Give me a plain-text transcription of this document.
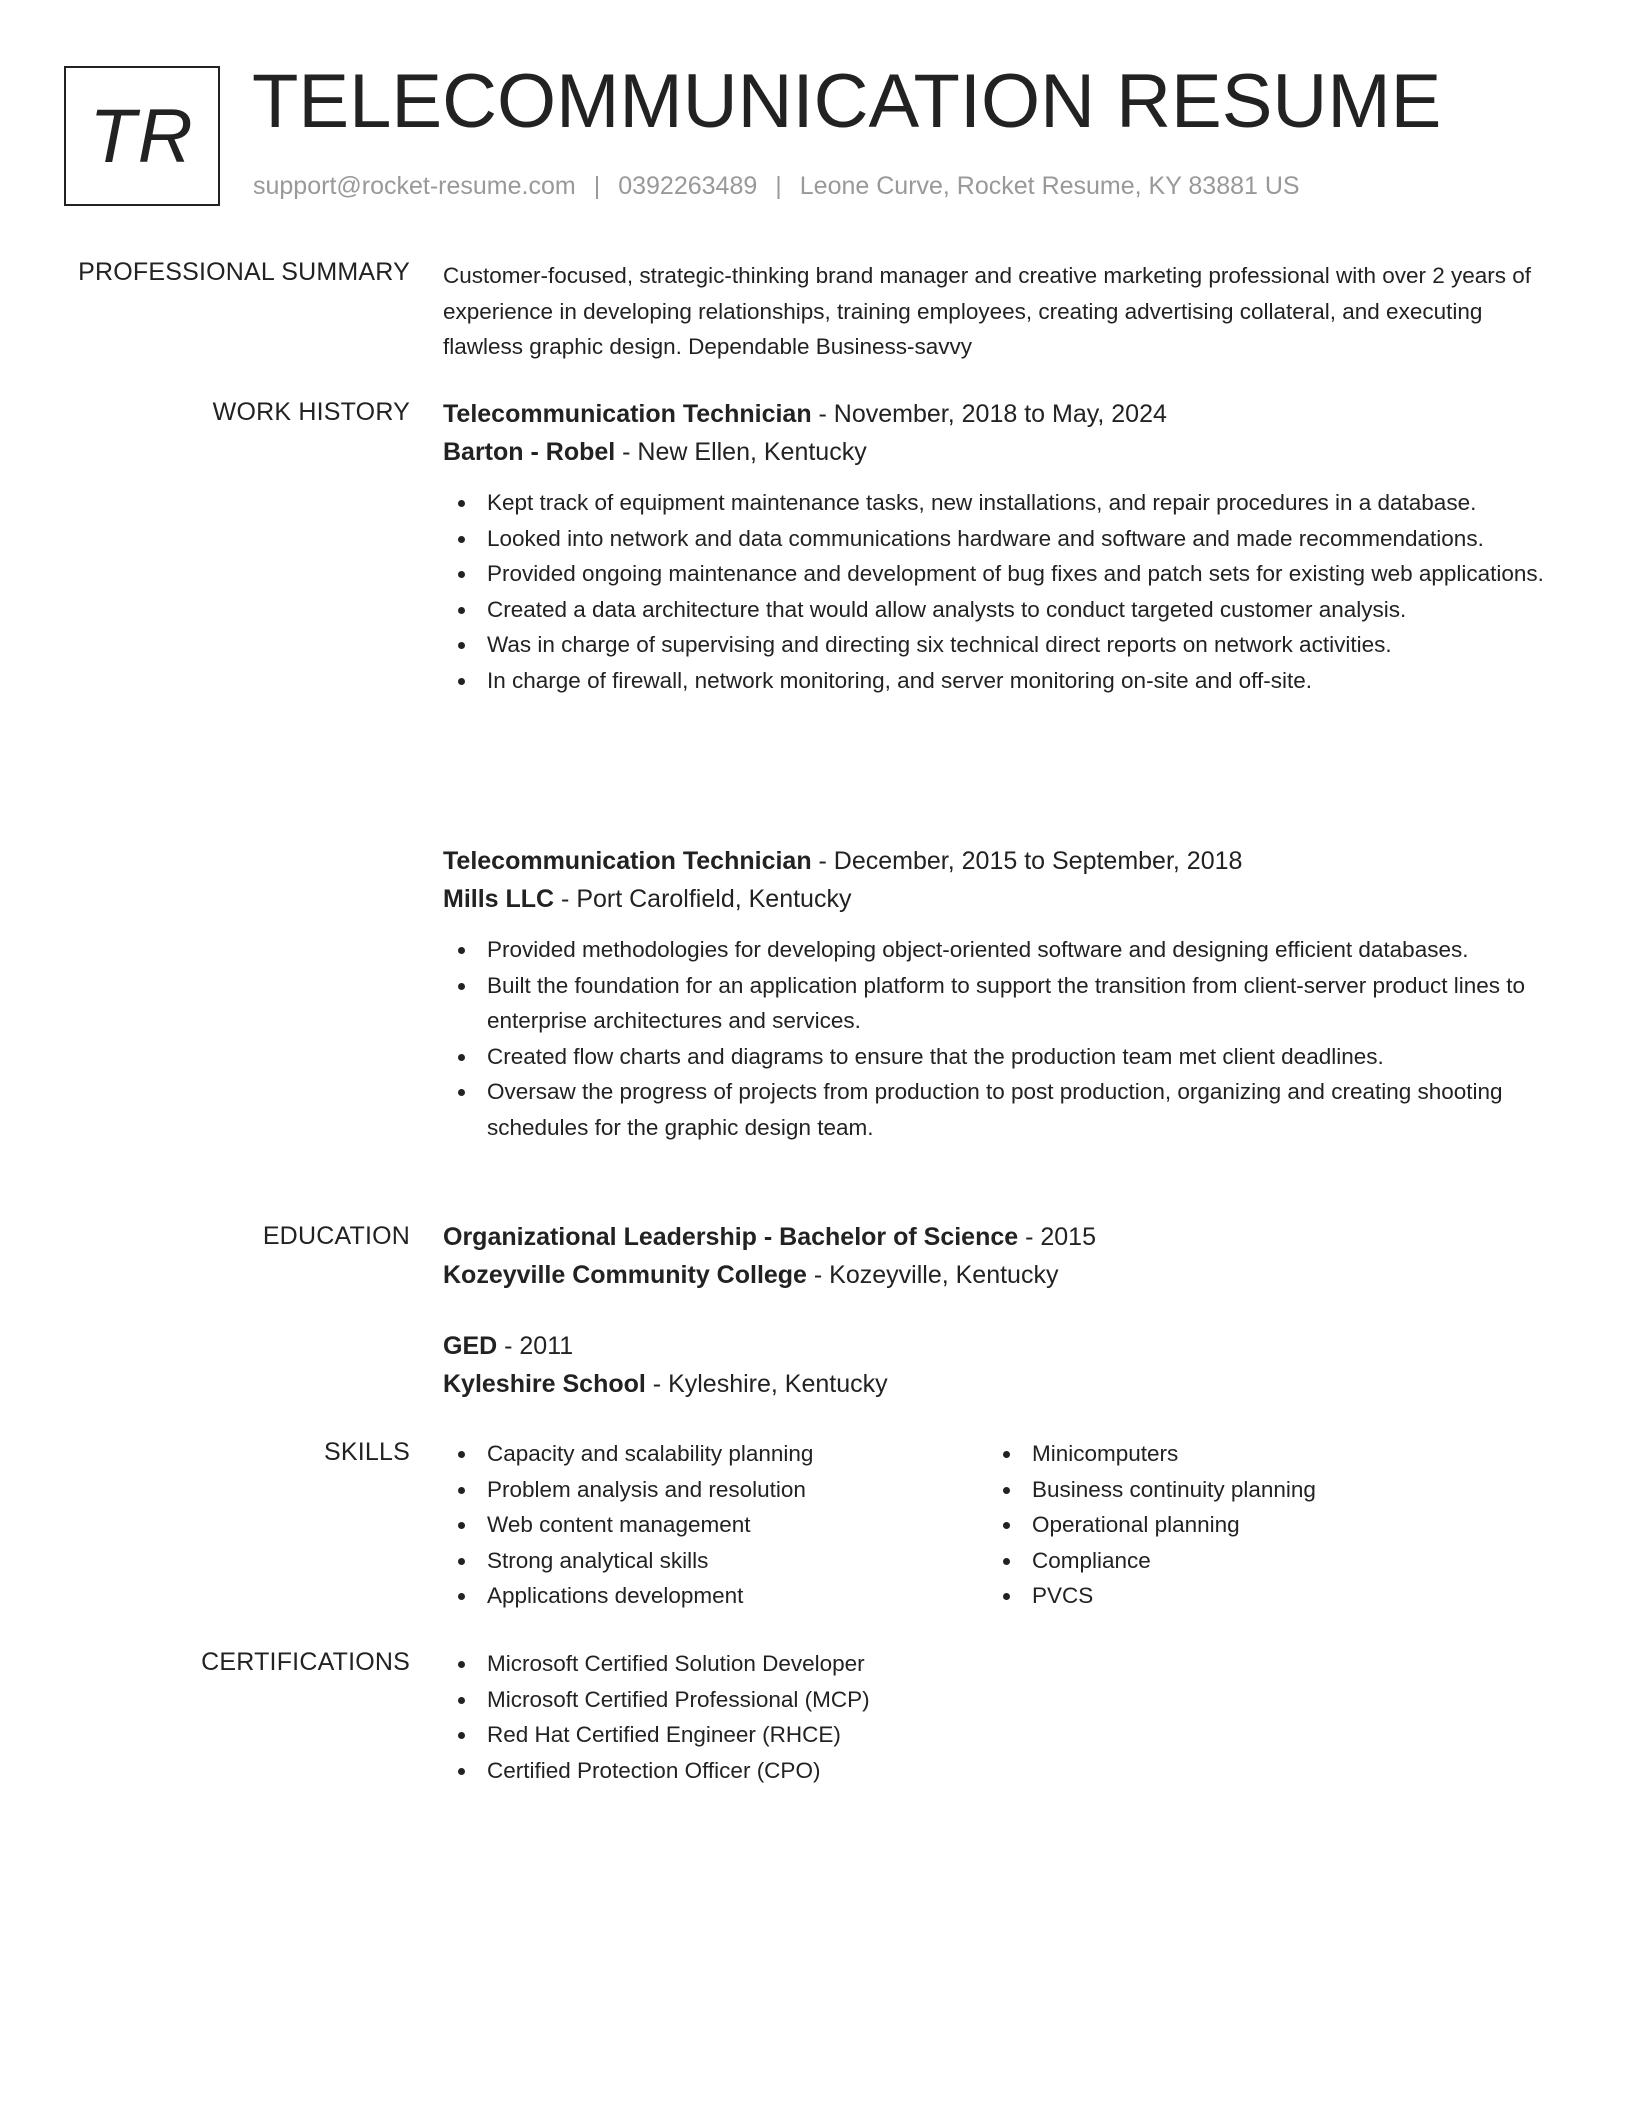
TR TELECOMMUNICATION RESUME
support@rocket-resume.com | 0392263489 | Leone Curve, Rocket Resume, KY 83881 US
PROFESSIONAL SUMMARY Customer-focused, strategic-thinking brand manager and creative marketing professional with over 2 years of experience in developing relationships, training employees, creating advertising collateral, and executing flawless graphic design. Dependable Business-savvy
WORK HISTORY Telecommunication Technician - November, 2018 to May, 2024
Barton - Robel - New Ellen, Kentucky
Kept track of equipment maintenance tasks, new installations, and repair procedures in a database.
Looked into network and data communications hardware and software and made recommendations.
Provided ongoing maintenance and development of bug fixes and patch sets for existing web applications.
Created a data architecture that would allow analysts to conduct targeted customer analysis.
Was in charge of supervising and directing six technical direct reports on network activities.
In charge of firewall, network monitoring, and server monitoring on-site and off-site.
Telecommunication Technician - December, 2015 to September, 2018
Mills LLC - Port Carolfield, Kentucky
Provided methodologies for developing object-oriented software and designing efficient databases.
Built the foundation for an application platform to support the transition from client-server product lines to enterprise architectures and services.
Created flow charts and diagrams to ensure that the production team met client deadlines.
Oversaw the progress of projects from production to post production, organizing and creating shooting schedules for the graphic design team.
EDUCATION Organizational Leadership - Bachelor of Science - 2015
Kozeyville Community College - Kozeyville, Kentucky
GED - 2011
Kyleshire School - Kyleshire, Kentucky
SKILLS	Capacity and scalability planning
Problem analysis and resolution
Web content management
Strong analytical skills
Applications development
Minicomputers
Business continuity planning
Operational planning
Compliance
PVCS
CERTIFICATIONS	Microsoft Certified Solution Developer
Microsoft Certified Professional (MCP)
Red Hat Certified Engineer (RHCE)
Certified Protection Officer (CPO)
